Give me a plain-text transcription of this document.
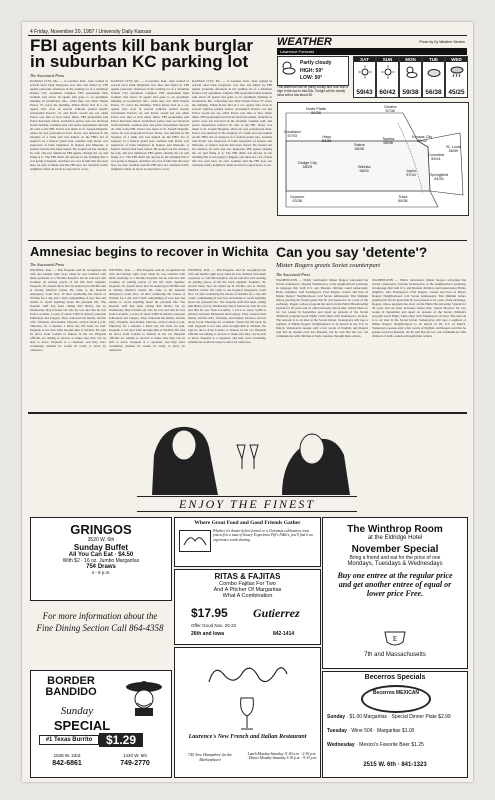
4 Friday, November 20, 1987 / University Daily Kansan
FBI agents kill bank burglar in suburban KC parking lot
The Associated Press
KANSAS CITY, Mo. — A Gardner, Kan., man wanted in several rural bank burglaries was shot and killed by FBI agents yesterday afternoon in the parking lot of a suburban Kansas City apartment complex. FBI spokesman Max Geiman said about 10 agents had gone to an apartment building in Grandview, Mo., when they saw Dick Wayne Porter, 37, leave the building. When Porter fled in a car, agents who were in several vehicles parked nearby surrounded Porter's car and Porter would not say when Porter was shot or how many times. FBI spokesmen said Porter had been armed. Grandview police were not involved in the incident, Geiman said, and police department referred all calls to the FBI. Porter was taken to St. Joseph Hospital, where he was pronounced dead. Porter was indicted in the burglary of a bank and was named on the FBI's list of suspects in a federal grand jury. Geiman said Porter was suspected of bank burglaries in Kansas and Missouri. A federal warrant had been issued. He looked out his window, he said, and saw numerous FBI agents chasing the car and firing at it. The FBI didn't tell anyone in the building that it was going to happen, and there are a lot of kids that live near here, he said. Geiman said the FBI does not routinely notify neighbors when an arrest is expected to occur.
KANSAS CITY, Mo. — A Gardner, Kan., man wanted in several rural bank burglaries was shot and killed by FBI agents yesterday afternoon in the parking lot of a suburban Kansas City apartment complex. FBI spokesman Max Geiman said about 10 agents had gone to an apartment building in Grandview, Mo., when they saw Dick Wayne Porter, 37, leave the building. When Porter fled in a car, agents who were in several vehicles parked nearby surrounded Porter's car and Porter would not say when Porter was shot or how many times. FBI spokesmen said Porter had been armed. Grandview police were not involved in the incident, Geiman said, and police department referred all calls to the FBI. Porter was taken to St. Joseph Hospital, where he was pronounced dead. Porter was indicted in the burglary of a bank and was named on the FBI's list of suspects in a federal grand jury. Geiman said Porter was suspected of bank burglaries in Kansas and Missouri. A federal warrant had been issued. He looked out his window, he said, and saw numerous FBI agents chasing the car and firing at it. The FBI didn't tell anyone in the building that it was going to happen, and there are a lot of kids that live near here, he said. Geiman said the FBI does not routinely notify neighbors when an arrest is expected to occur.
KANSAS CITY, Mo. — A Gardner, Kan., man wanted in several rural bank burglaries was shot and killed by FBI agents yesterday afternoon in the parking lot of a suburban Kansas City apartment complex. FBI spokesman Max Geiman said about 10 agents had gone to an apartment building in Grandview, Mo., when they saw Dick Wayne Porter, 37, leave the building. When Porter fled in a car, agents who were in several vehicles parked nearby surrounded Porter's car and Porter would not say when Porter was shot or how many times. FBI spokesmen said Porter had been armed. Grandview police were not involved in the incident, Geiman said, and police department referred all calls to the FBI. Porter was taken to St. Joseph Hospital, where he was pronounced dead. Porter was indicted in the burglary of a bank and was named on the FBI's list of suspects in a federal grand jury. Geiman said Porter was suspected of bank burglaries in Kansas and Missouri. A federal warrant had been issued. He looked out his window, he said, and saw numerous FBI agents chasing the car and firing at it. The FBI didn't tell anyone in the building that it was going to happen, and there are a lot of kids that live near here, he said. Geiman said the FBI does not routinely notify neighbors when an arrest is expected to occur.
WEATHER
Lawrence Forecast
Photo by Ky Weather Service
Partly cloudy
HIGH: 59°
LOW: 50°
This afternoon will be partly cloudy and cool with a high in the low to mid-60s. Tonight will be mostly clear with a low about 35.
SAT
59/43
SUN
60/42
MON
59/38
TUE
56/38
WED
45/25
North Platte
54/38
Omaha
57/40
Goodland
57/33	Hays
59/35
Salina
58/38
Topeka
58/38
Kansas City
59/42
Columbia
59/41
St. Louis
58/39
Dodge City
58/29	Wichita
58/31	Joplin
57/34	Springfield
54/30
Tulsa
55/38
Guymon
53/38
Amnesiac begins to recover in Wichita
The Associated Press
WICHITA, Kan. — Tim Paquette said he recognized his wife and mother right away when he was reunited with them yesterday at a Wichita hospital, but he said he's still working on putting pieces of his life back together. Paquette, 30, doesn't know how he ended up in Wichita and at Wesley Medical Center. He came to the hospital emergency room Nov. 10 after wandering the streets of Wichita for a day and a half, complaining of sore feet and unable to recall anything about his personal life. The hospital staff had been calling him Henry, but by Wednesday they'd found out who he was and that he was from Lacombe, a town of about 5,000 in Alberta, between Edmonton and Calgary. They contacted his family, and his wife, Vivianne, and mother, Dolores, arrived about 4 p.m. Thursday for a reunion. I knew my life back, he said. Paquette is not sure what brought him to Wichita. He said he drove from Canada to Kansas in his car. Hospital officials are talking to doctors to make sure they can be able to leave. Paquette is a carpenter, and they were wondering whether he would be ready to leave by tomorrow.
WICHITA, Kan. — Tim Paquette said he recognized his wife and mother right away when he was reunited with them yesterday at a Wichita hospital, but he said he's still working on putting pieces of his life back together. Paquette, 30, doesn't know how he ended up in Wichita and at Wesley Medical Center. He came to the hospital emergency room Nov. 10 after wandering the streets of Wichita for a day and a half, complaining of sore feet and unable to recall anything about his personal life. The hospital staff had been calling him Henry, but by Wednesday they'd found out who he was and that he was from Lacombe, a town of about 5,000 in Alberta, between Edmonton and Calgary. They contacted his family, and his wife, Vivianne, and mother, Dolores, arrived about 4 p.m. Thursday for a reunion. I knew my life back, he said. Paquette is not sure what brought him to Wichita. He said he drove from Canada to Kansas in his car. Hospital officials are talking to doctors to make sure they can be able to leave. Paquette is a carpenter, and they were wondering whether he would be ready to leave by tomorrow.
WICHITA, Kan. — Tim Paquette said he recognized his wife and mother right away when he was reunited with them yesterday at a Wichita hospital, but he said he's still working on putting pieces of his life back together. Paquette, 30, doesn't know how he ended up in Wichita and at Wesley Medical Center. He came to the hospital emergency room Nov. 10 after wandering the streets of Wichita for a day and a half, complaining of sore feet and unable to recall anything about his personal life. The hospital staff had been calling him Henry, but by Wednesday they'd found out who he was and that he was from Lacombe, a town of about 5,000 in Alberta, between Edmonton and Calgary. They contacted his family, and his wife, Vivianne, and mother, Dolores, arrived about 4 p.m. Thursday for a reunion. I knew my life back, he said. Paquette is not sure what brought him to Wichita. He said he drove from Canada to Kansas in his car. Hospital officials are talking to doctors to make sure they can be able to leave. Paquette is a carpenter, and they were wondering whether he would be ready to leave by tomorrow.
Can you say 'detente'?
Mister Rogers greets Soviet counterpart
The Associated Press
WASHINGTON — Public television's Mister Rogers welcomed his Soviet counterpart, Tatyana Vedeneyeva, to the neighborhood yesterday in language that both U.S. and Russian children could understand. Hello, neighbor, said Vedeneyeva. Fred Rogers, creator and host of Mister Rogers' Neighborhood, told Soviet Ambassador Yuri Dubinin before greeting his Soviet guest that he was pleased to be a part of the exchange. Rogers, whose program has aired on the Public Broadcasting System for 20 years and on other networks before that, visited Moscow for two weeks in September and taped an episode of the Soviet children's program Good Night, Little Ones with Vedeneyeva, its host. The episode is to air later in the Soviet Union. Vedeneyeva will tape a segment of Mister Rogers' Neighborhood to be shown in the U.S. in March. Vedeneyeva speaks only a few words of English, and Rogers said that he speaks even less Russian, but he said that the two can communicate with children of both countries through their actions.
WASHINGTON — Public television's Mister Rogers welcomed his Soviet counterpart, Tatyana Vedeneyeva, to the neighborhood yesterday in language that both U.S. and Russian children could understand. Hello, neighbor, said Vedeneyeva. Fred Rogers, creator and host of Mister Rogers' Neighborhood, told Soviet Ambassador Yuri Dubinin before greeting his Soviet guest that he was pleased to be a part of the exchange. Rogers, whose program has aired on the Public Broadcasting System for 20 years and on other networks before that, visited Moscow for two weeks in September and taped an episode of the Soviet children's program Good Night, Little Ones with Vedeneyeva, its host. The episode is to air later in the Soviet Union. Vedeneyeva will tape a segment of Mister Rogers' Neighborhood to be shown in the U.S. in March. Vedeneyeva speaks only a few words of English, and Rogers said that he speaks even less Russian, but he said that the two can communicate with children of both countries through their actions.
ENJOY THE FINEST
GRINGOS
3520 W. 6th
Sunday Buffet
All You Can Eat · $4.50
With $2 · 16 oz. Jumbo Margaritas
75¢ Draws
4 - 9 p.m.
For more information about the Fine Dining Section Call 864-4358
BORDER BANDIDO
Sunday
SPECIAL
#1 Texas Burrito	$1.29
1528 W. 23rd
842-6861
1420 W. 6th
749-2770
Where Great Food and Good Friends Gather
Whether it's dinner before formal or a Christmas celebration, treat yourself to a taste of luxury. Experience Fifi's Nikki's, you'll find it an experience worth sharing.
RITAS & FAJITAS
Combo Fajitas For Two
And A Pitcher Of Margaritas
What A Combination
$17.95 Gutierrez
Offer Good Nov. 20-22
26th and Iowa	842-1414
Laurence's New French and Italian Restaurant
745 New Hampshire (in the Marketplace)
Lunch Monday-Saturday 11:00 a.m. - 2:30 p.m. · Dinner Monday-Saturday 5:30 p.m. - 9:30 p.m.
The Winthrop Room
at the Eldridge Hotel
November Special
Bring a friend and eat for the price of one
Mondays, Tuesdays & Wednesdays
Buy one entree at the regular price and get another entree of equal or lower price Free.
E
7th and Massachusetts
Becerros Specials
Becerros MEXICAN
Sunday · $1.00 Margaritas · Special Dinner Plate $2.99
Tuesday · Wine 50¢ · Margaritas $1.00
Wednesday · Mexico's Favorite Beer $1.25
2515 W. 6th · 841-1323
